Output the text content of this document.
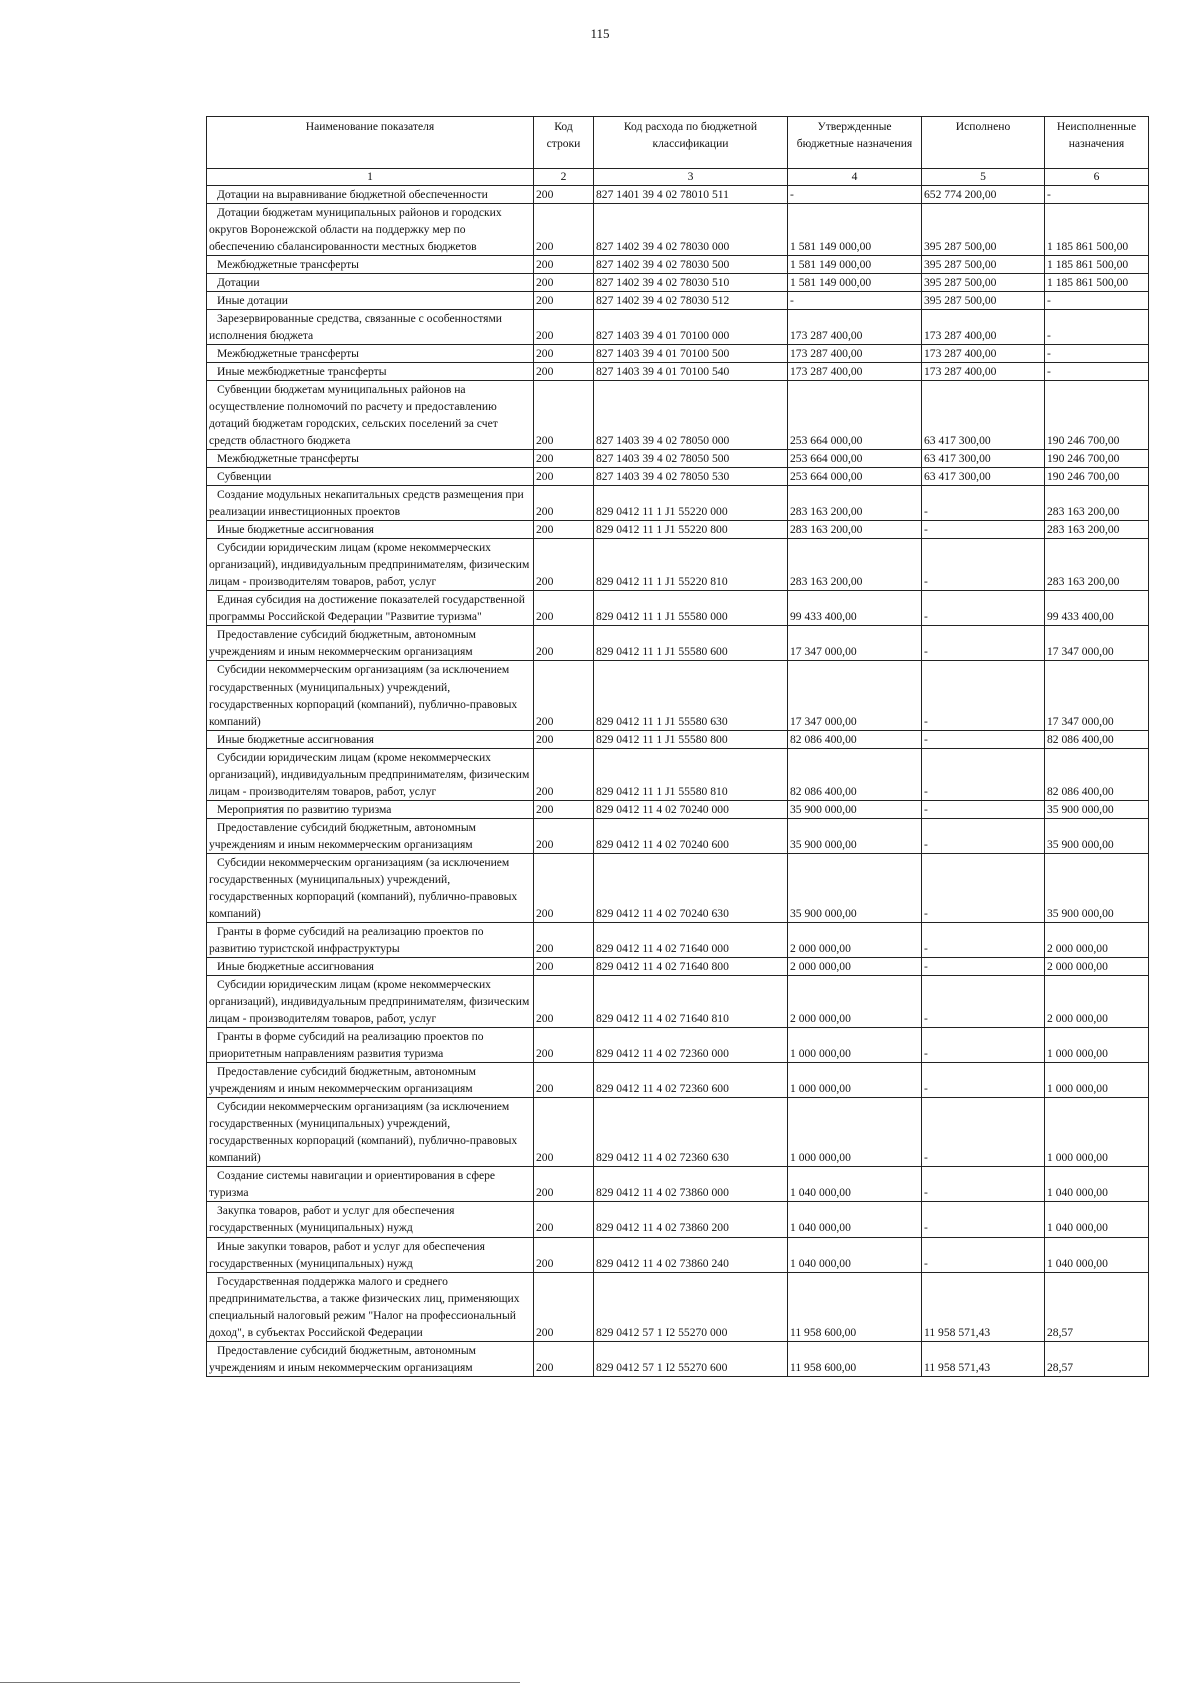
115
Наименование показателя	Код строки	Код расхода по бюджетной классификации	Утвержденные бюджетные назначения	Исполнено	Неисполненные назначения
1	2	3	4	5	6
Дотации на выравнивание бюджетной обеспеченности	200	827 1401 39 4 02 78010 511	-	652 774 200,00	-
Дотации бюджетам муниципальных районов и городских округов Воронежской области на поддержку мер по обеспечению сбалансированности местных бюджетов	200	827 1402 39 4 02 78030 000	1 581 149 000,00	395 287 500,00	1 185 861 500,00
Межбюджетные трансферты	200	827 1402 39 4 02 78030 500	1 581 149 000,00	395 287 500,00	1 185 861 500,00
Дотации	200	827 1402 39 4 02 78030 510	1 581 149 000,00	395 287 500,00	1 185 861 500,00
Иные дотации	200	827 1402 39 4 02 78030 512	-	395 287 500,00	-
Зарезервированные средства, связанные с особенностями исполнения бюджета	200	827 1403 39 4 01 70100 000	173 287 400,00	173 287 400,00	-
Межбюджетные трансферты	200	827 1403 39 4 01 70100 500	173 287 400,00	173 287 400,00	-
Иные межбюджетные трансферты	200	827 1403 39 4 01 70100 540	173 287 400,00	173 287 400,00	-
Субвенции бюджетам муниципальных районов на осуществление полномочий по расчету и предоставлению дотаций бюджетам городских, сельских поселений за счет средств областного бюджета	200	827 1403 39 4 02 78050 000	253 664 000,00	63 417 300,00	190 246 700,00
Межбюджетные трансферты	200	827 1403 39 4 02 78050 500	253 664 000,00	63 417 300,00	190 246 700,00
Субвенции	200	827 1403 39 4 02 78050 530	253 664 000,00	63 417 300,00	190 246 700,00
Создание модульных некапитальных средств размещения при реализации инвестиционных проектов	200	829 0412 11 1 J1 55220 000	283 163 200,00	-	283 163 200,00
Иные бюджетные ассигнования	200	829 0412 11 1 J1 55220 800	283 163 200,00	-	283 163 200,00
Субсидии юридическим лицам (кроме некоммерческих организаций), индивидуальным предпринимателям, физическим лицам - производителям товаров, работ, услуг	200	829 0412 11 1 J1 55220 810	283 163 200,00	-	283 163 200,00
Единая субсидия на достижение показателей государственной программы Российской Федерации "Развитие туризма"	200	829 0412 11 1 J1 55580 000	99 433 400,00	-	99 433 400,00
Предоставление субсидий бюджетным, автономным учреждениям и иным некоммерческим организациям	200	829 0412 11 1 J1 55580 600	17 347 000,00	-	17 347 000,00
Субсидии некоммерческим организациям (за исключением государственных (муниципальных) учреждений, государственных корпораций (компаний), публично-правовых компаний)	200	829 0412 11 1 J1 55580 630	17 347 000,00	-	17 347 000,00
Иные бюджетные ассигнования	200	829 0412 11 1 J1 55580 800	82 086 400,00	-	82 086 400,00
Субсидии юридическим лицам (кроме некоммерческих организаций), индивидуальным предпринимателям, физическим лицам - производителям товаров, работ, услуг	200	829 0412 11 1 J1 55580 810	82 086 400,00	-	82 086 400,00
Мероприятия по развитию туризма	200	829 0412 11 4 02 70240 000	35 900 000,00	-	35 900 000,00
Предоставление субсидий бюджетным, автономным учреждениям и иным некоммерческим организациям	200	829 0412 11 4 02 70240 600	35 900 000,00	-	35 900 000,00
Субсидии некоммерческим организациям (за исключением государственных (муниципальных) учреждений, государственных корпораций (компаний), публично-правовых компаний)	200	829 0412 11 4 02 70240 630	35 900 000,00	-	35 900 000,00
Гранты в форме субсидий на реализацию проектов по развитию туристской инфраструктуры	200	829 0412 11 4 02 71640 000	2 000 000,00	-	2 000 000,00
Иные бюджетные ассигнования	200	829 0412 11 4 02 71640 800	2 000 000,00	-	2 000 000,00
Субсидии юридическим лицам (кроме некоммерческих организаций), индивидуальным предпринимателям, физическим лицам - производителям товаров, работ, услуг	200	829 0412 11 4 02 71640 810	2 000 000,00	-	2 000 000,00
Гранты в форме субсидий на реализацию проектов по приоритетным направлениям развития туризма	200	829 0412 11 4 02 72360 000	1 000 000,00	-	1 000 000,00
Предоставление субсидий бюджетным, автономным учреждениям и иным некоммерческим организациям	200	829 0412 11 4 02 72360 600	1 000 000,00	-	1 000 000,00
Субсидии некоммерческим организациям (за исключением государственных (муниципальных) учреждений, государственных корпораций (компаний), публично-правовых компаний)	200	829 0412 11 4 02 72360 630	1 000 000,00	-	1 000 000,00
Создание системы навигации и ориентирования в сфере туризма	200	829 0412 11 4 02 73860 000	1 040 000,00	-	1 040 000,00
Закупка товаров, работ и услуг для обеспечения государственных (муниципальных) нужд	200	829 0412 11 4 02 73860 200	1 040 000,00	-	1 040 000,00
Иные закупки товаров, работ и услуг для обеспечения государственных (муниципальных) нужд	200	829 0412 11 4 02 73860 240	1 040 000,00	-	1 040 000,00
Государственная поддержка малого и среднего предпринимательства, а также физических лиц, применяющих специальный налоговый режим "Налог на профессиональный доход", в субъектах Российской Федерации	200	829 0412 57 1 I2 55270 000	11 958 600,00	11 958 571,43	28,57
Предоставление субсидий бюджетным, автономным учреждениям и иным некоммерческим организациям	200	829 0412 57 1 I2 55270 600	11 958 600,00	11 958 571,43	28,57
